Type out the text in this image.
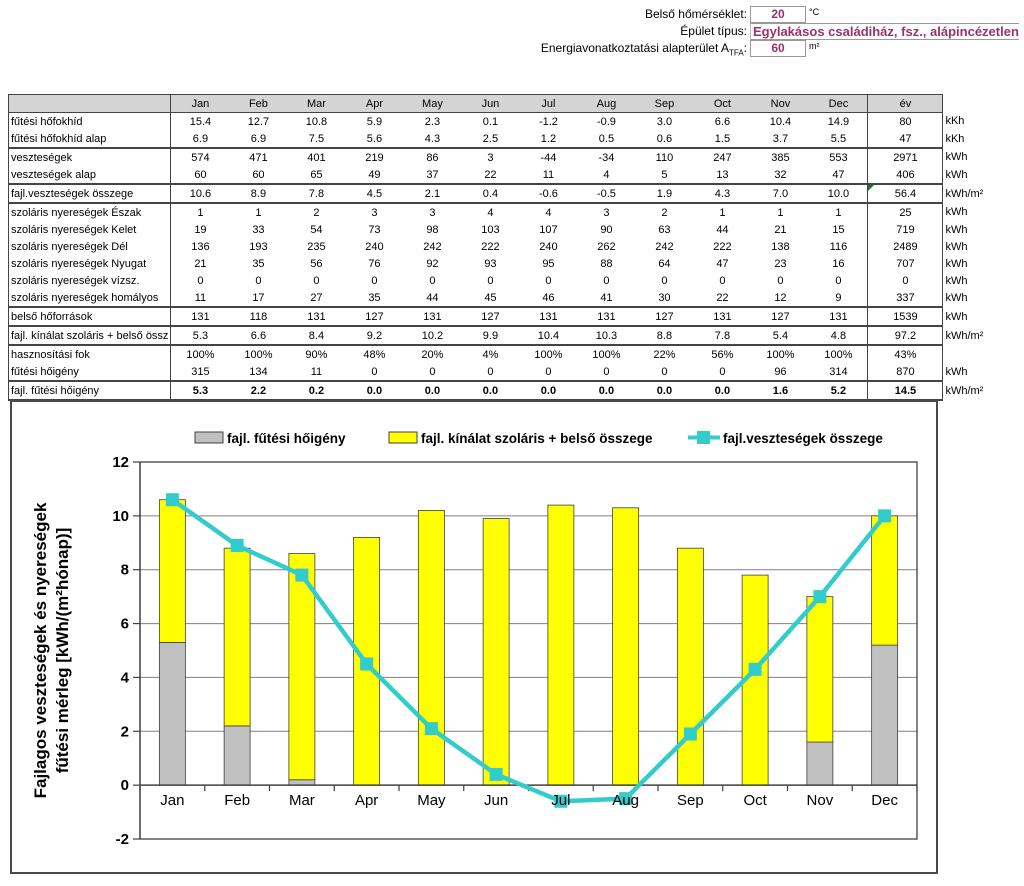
Belső hőmérséklet:	20	°C
Épület típus: Egylakásos családiház, fsz., alápincézetlen
Energiavonatkoztatási alapterület $A_{TFA}$:	60	m²
	Jan	Feb	Mar	Apr	May	Jun	Jul	Aug	Sep	Oct	Nov	Dec	év	
fűtési hőfokhíd	15.4	12.7	10.8	5.9	2.3	0.1	-1.2	-0.9	3.0	6.6	10.4	14.9	80	kKh
fűtési hőfokhíd alap	6.9	6.9	7.5	5.6	4.3	2.5	1.2	0.5	0.6	1.5	3.7	5.5	47	kKh
veszteségek	574	471	401	219	86	3	-44	-34	110	247	385	553	2971	kWh
veszteségek alap	60	60	65	49	37	22	11	4	5	13	32	47	406	kWh
fajl.veszteségek összege	10.6	8.9	7.8	4.5	2.1	0.4	-0.6	-0.5	1.9	4.3	7.0	10.0	56.4	kWh/m²
szoláris nyereségek Észak	1	1	2	3	3	4	4	3	2	1	1	1	25	kWh
szoláris nyereségek Kelet	19	33	54	73	98	103	107	90	63	44	21	15	719	kWh
szoláris nyereségek Dél	136	193	235	240	242	222	240	262	242	222	138	116	2489	kWh
szoláris nyereségek Nyugat	21	35	56	76	92	93	95	88	64	47	23	16	707	kWh
szoláris nyereségek vízsz.	0	0	0	0	0	0	0	0	0	0	0	0	0	kWh
szoláris nyereségek homályos	11	17	27	35	44	45	46	41	30	22	12	9	337	kWh
belső hőforrások	131	118	131	127	131	127	131	131	127	131	127	131	1539	kWh
fajl. kínálat szoláris + belső össz	5.3	6.6	8.4	9.2	10.2	9.9	10.4	10.3	8.8	7.8	5.4	4.8	97.2	kWh/m²
hasznosítási fok	100%	100%	90%	48%	20%	4%	100%	100%	22%	56%	100%	100%	43%	
fűtési hőigény	315	134	11	0	0	0	0	0	0	0	96	314	870	kWh
fajl. fűtési hőigény	5.3	2.2	0.2	0.0	0.0	0.0	0.0	0.0	0.0	0.0	1.6	5.2	14.5	kWh/m²
-2
0
2
4
6
8
10
12
Jan	Feb	Mar	Apr	May	Jun	Jul	Aug	Sep	Oct	Nov	Dec
Fajlagos veszteségek és nyereségek fűtési mérleg [kWh/(m²hónap)]
fajl. fűtési hőigény	fajl. kínálat szoláris + belső összege	fajl.veszteségek összege
